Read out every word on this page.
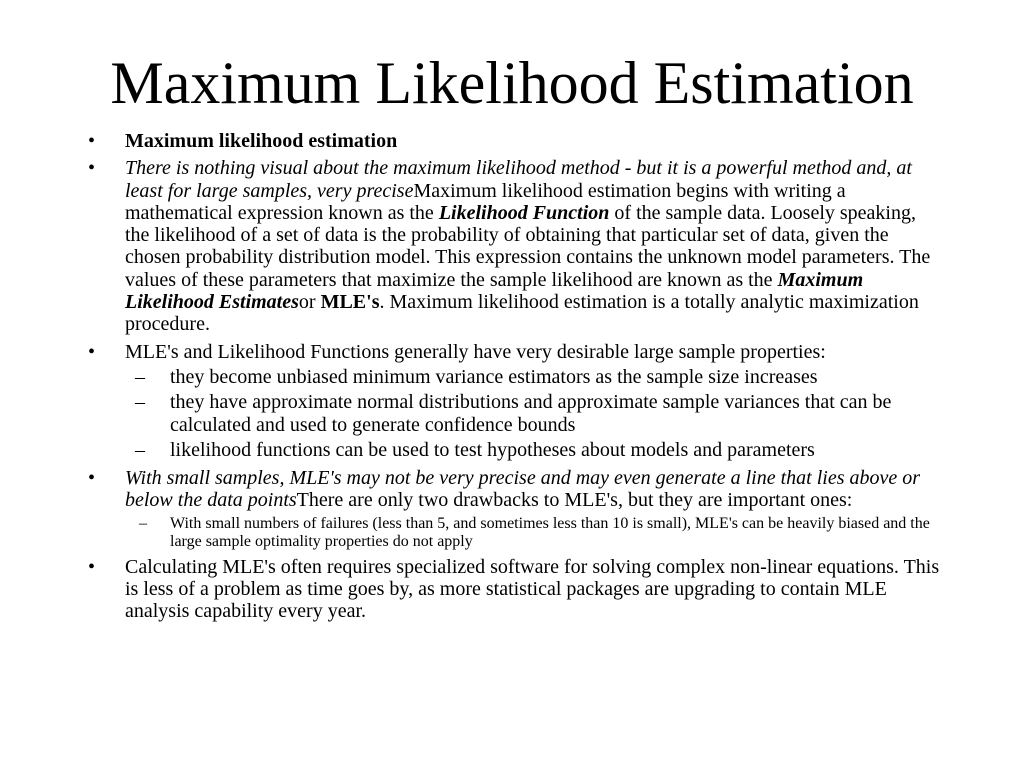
Maximum Likelihood Estimation
• Maximum likelihood estimation
• There is nothing visual about the maximum likelihood method - but it is a powerful method and, at least for large samples, very preciseMaximum likelihood estimation begins with writing a mathematical expression known as the Likelihood Function of the sample data. Loosely speaking, the likelihood of a set of data is the probability of obtaining that particular set of data, given the chosen probability distribution model. This expression contains the unknown model parameters. The values of these parameters that maximize the sample likelihood are known as the Maximum Likelihood Estimatesor MLE's. Maximum likelihood estimation is a totally analytic maximization procedure.
• MLE's and Likelihood Functions generally have very desirable large sample properties:
– they become unbiased minimum variance estimators as the sample size increases
– they have approximate normal distributions and approximate sample variances that can be calculated and used to generate confidence bounds
– likelihood functions can be used to test hypotheses about models and parameters
• With small samples, MLE's may not be very precise and may even generate a line that lies above or below the data pointsThere are only two drawbacks to MLE's, but they are important ones:
– With small numbers of failures (less than 5, and sometimes less than 10 is small), MLE's can be heavily biased and the large sample optimality properties do not apply
• Calculating MLE's often requires specialized software for solving complex non-linear equations. This is less of a problem as time goes by, as more statistical packages are upgrading to contain MLE analysis capability every year.
